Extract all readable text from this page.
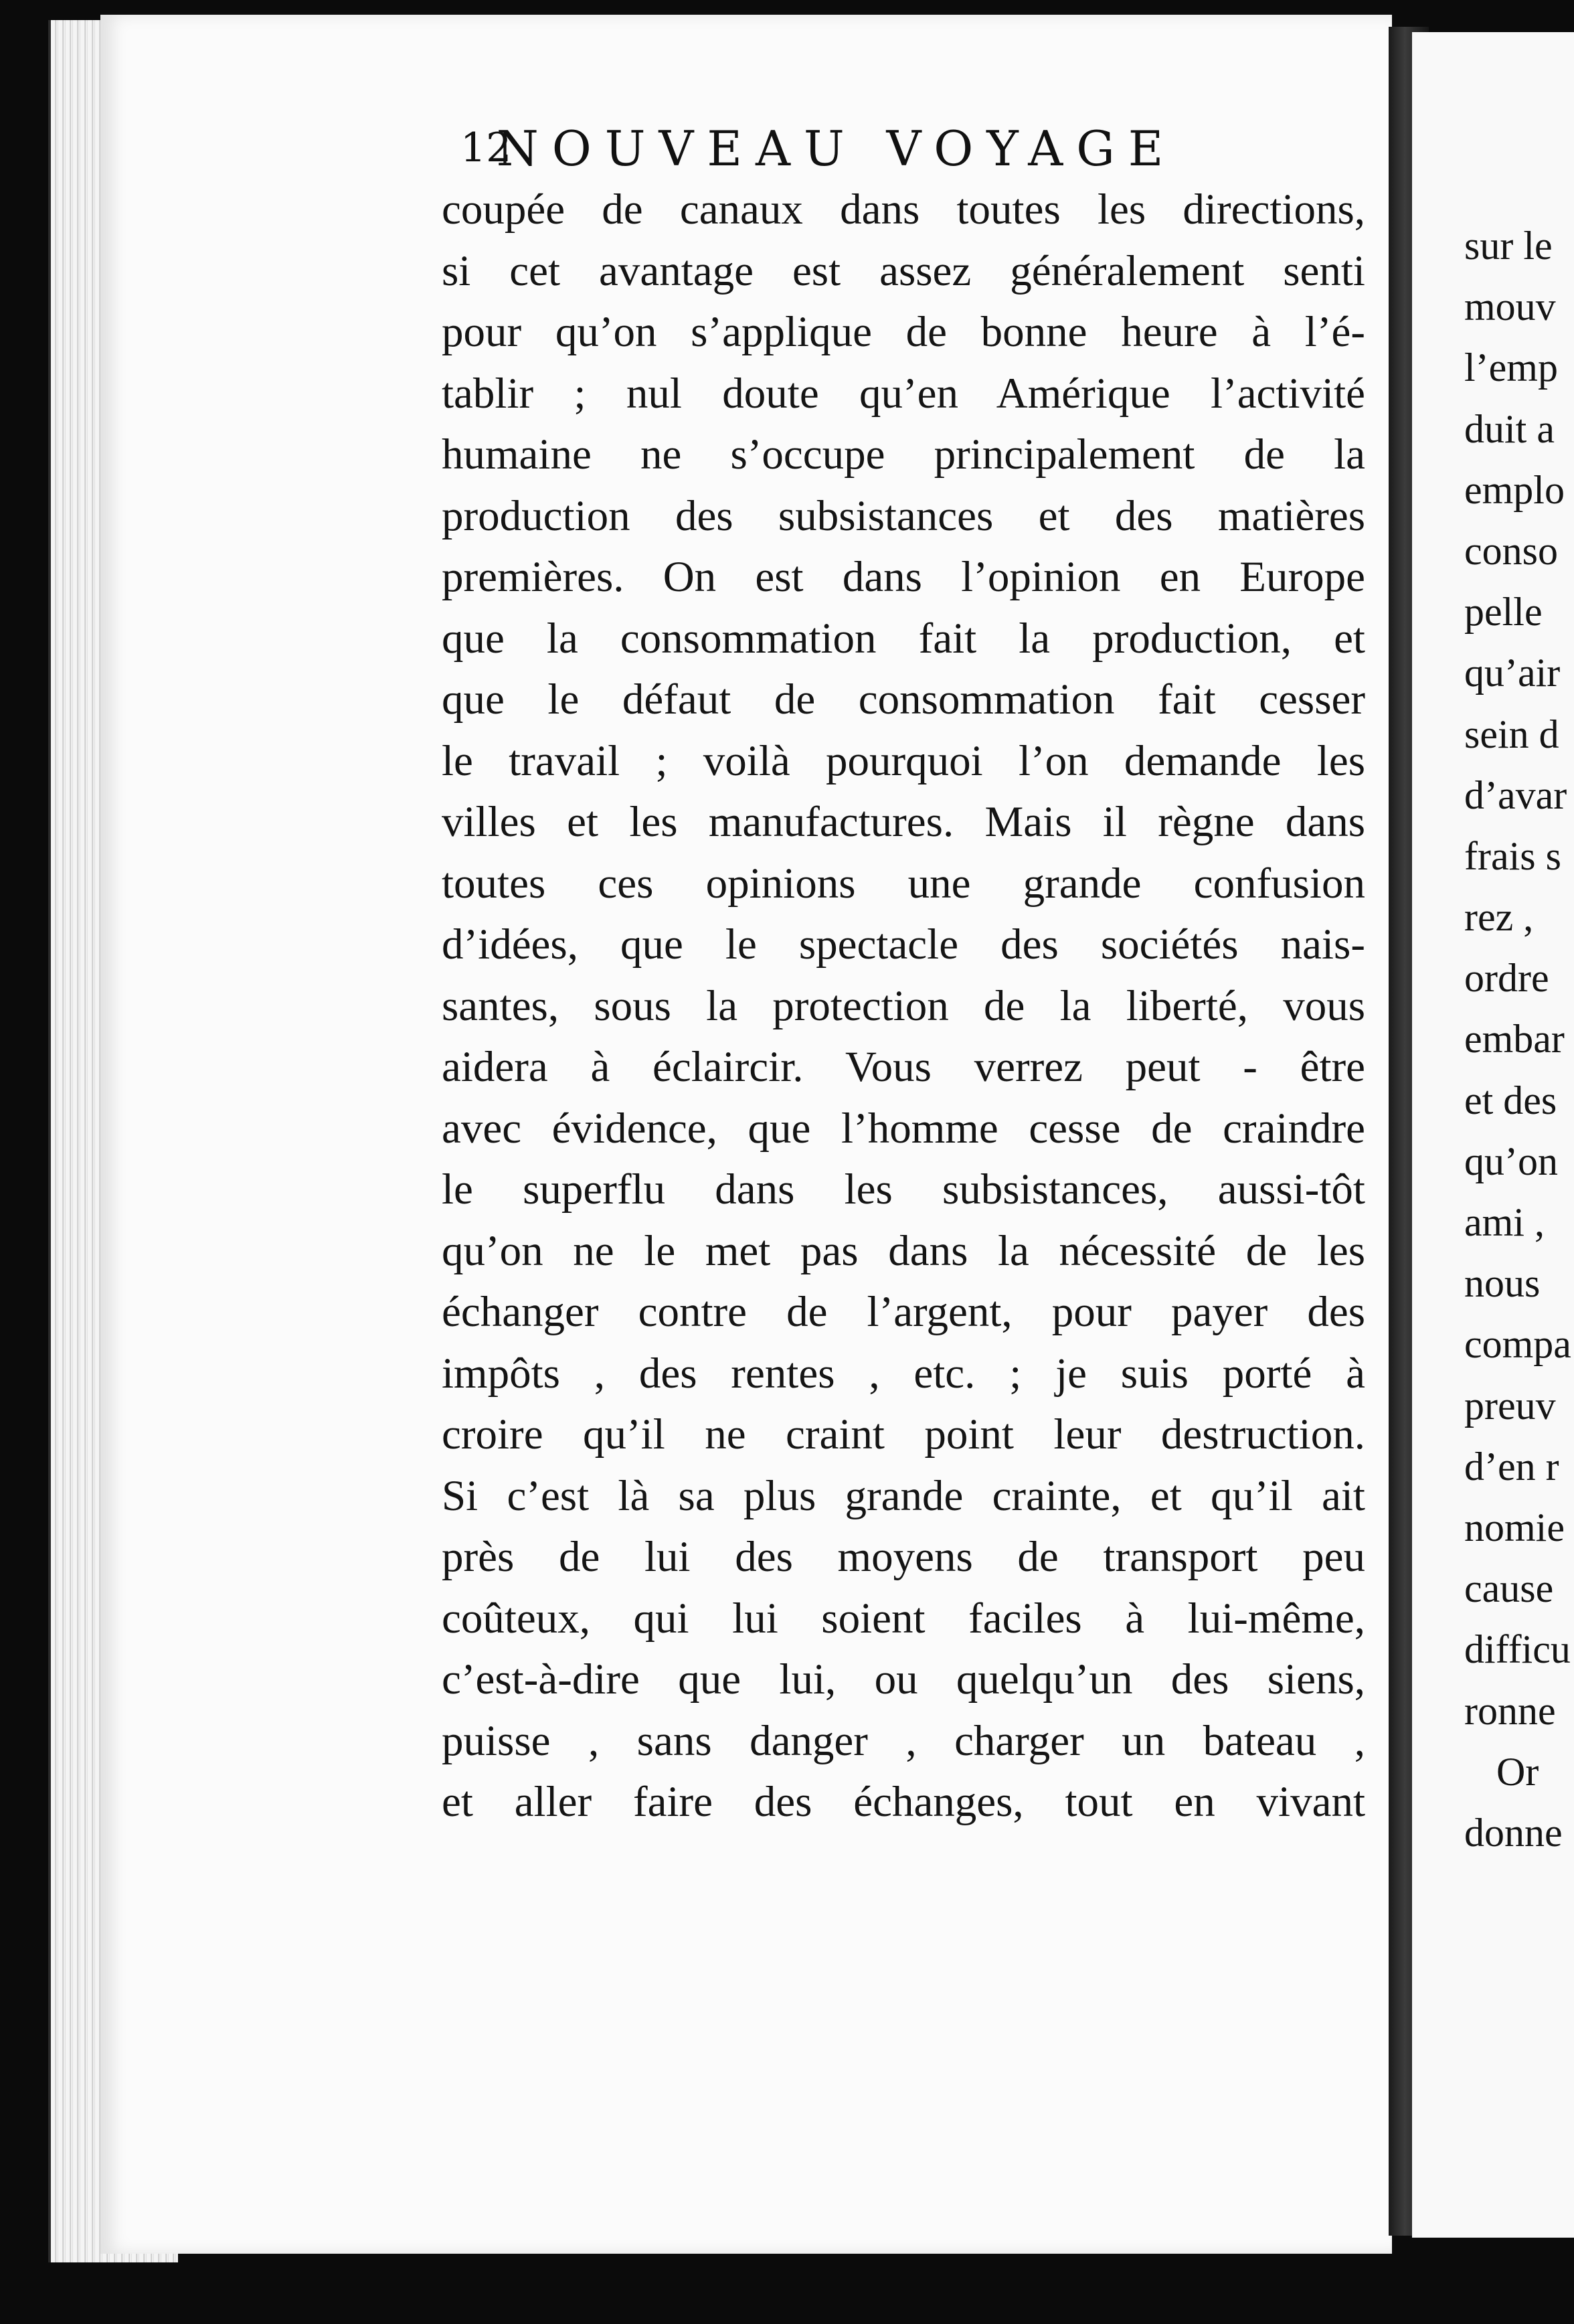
12
NOUVEAU VOYAGE
coupée de canaux dans toutes les directions,
si cet avantage est assez généralement senti
pour qu’on s’applique de bonne heure à l’é-
tablir ; nul doute qu’en Amérique l’activité
humaine ne s’occupe principalement de la
production des subsistances et des matières
premières. On est dans l’opinion en Europe
que la consommation fait la production, et
que le défaut de consommation fait cesser
le travail ; voilà pourquoi l’on demande les
villes et les manufactures. Mais il règne dans
toutes ces opinions une grande confusion
d’idées, que le spectacle des sociétés nais-
santes, sous la protection de la liberté, vous
aidera à éclaircir. Vous verrez peut - être
avec évidence, que l’homme cesse de craindre
le superflu dans les subsistances, aussi-tôt
qu’on ne le met pas dans la nécessité de les
échanger contre de l’argent, pour payer des
impôts , des rentes , etc. ; je suis porté à
croire qu’il ne craint point leur destruction.
Si c’est là sa plus grande crainte, et qu’il ait
près de lui des moyens de transport peu
coûteux, qui lui soient faciles à lui-même,
c’est-à-dire que lui, ou quelqu’un des siens,
puisse , sans danger , charger un bateau ,
et aller faire des échanges, tout en vivant
sur le
mouv
l’emp
duit a
emplo
conso
pelle
qu’air
sein d
d’avar
frais s
rez ,
ordre
embar
et des
qu’on
ami ,
nous
compa
preuv
d’en r
nomie
cause
difficu
ronne
Or
donne
